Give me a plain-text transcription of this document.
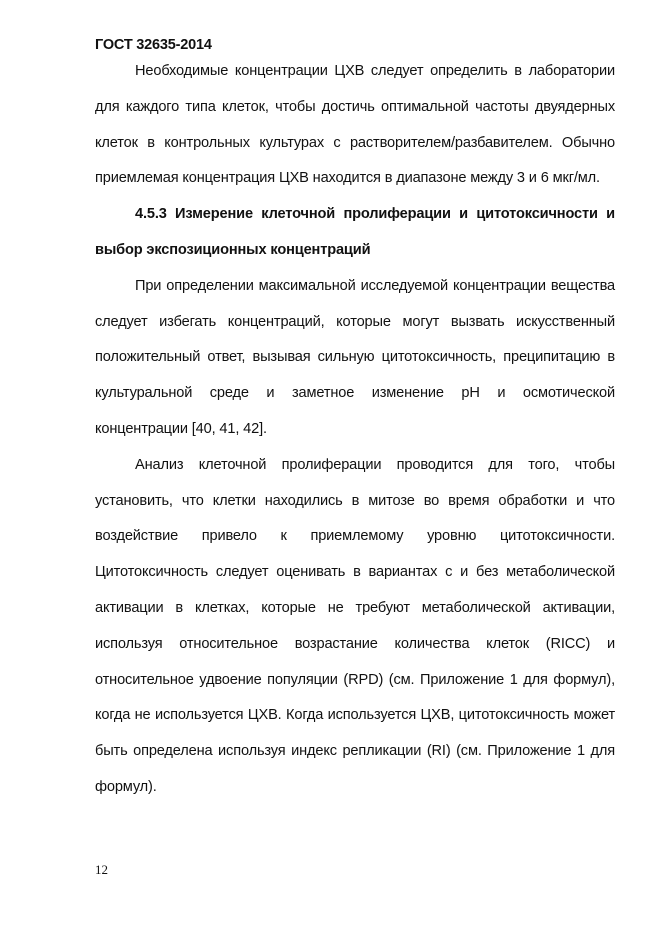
ГОСТ 32635-2014

Необходимые концентрации ЦХВ следует определить в лаборатории для каждого типа клеток, чтобы достичь оптимальной частоты двуядерных клеток в контрольных культурах с растворителем/разбавителем. Обычно приемлемая концентрация ЦХВ находится в диапазоне между 3 и 6 мкг/мл.

4.5.3 Измерение клеточной пролиферации и цитотоксичности и выбор экспозиционных концентраций

При определении максимальной исследуемой концентрации вещества следует избегать концентраций, которые могут вызвать искусственный положительный ответ, вызывая сильную цитотоксичность, преципитацию в культуральной среде и заметное изменение pH и осмотической концентрации [40, 41, 42].

Анализ клеточной пролиферации проводится для того, чтобы установить, что клетки находились в митозе во время обработки и что воздействие привело к приемлемому уровню цитотоксичности. Цитотоксичность следует оценивать в вариантах с и без метаболической активации в клетках, которые не требуют метаболической активации, используя относительное возрастание количества клеток (RICC) и относительное удвоение популяции (RPD) (см. Приложение 1 для формул), когда не используется ЦХВ. Когда используется ЦХВ, цитотоксичность может быть определена используя индекс репликации (RI) (см. Приложение 1 для формул).

12
